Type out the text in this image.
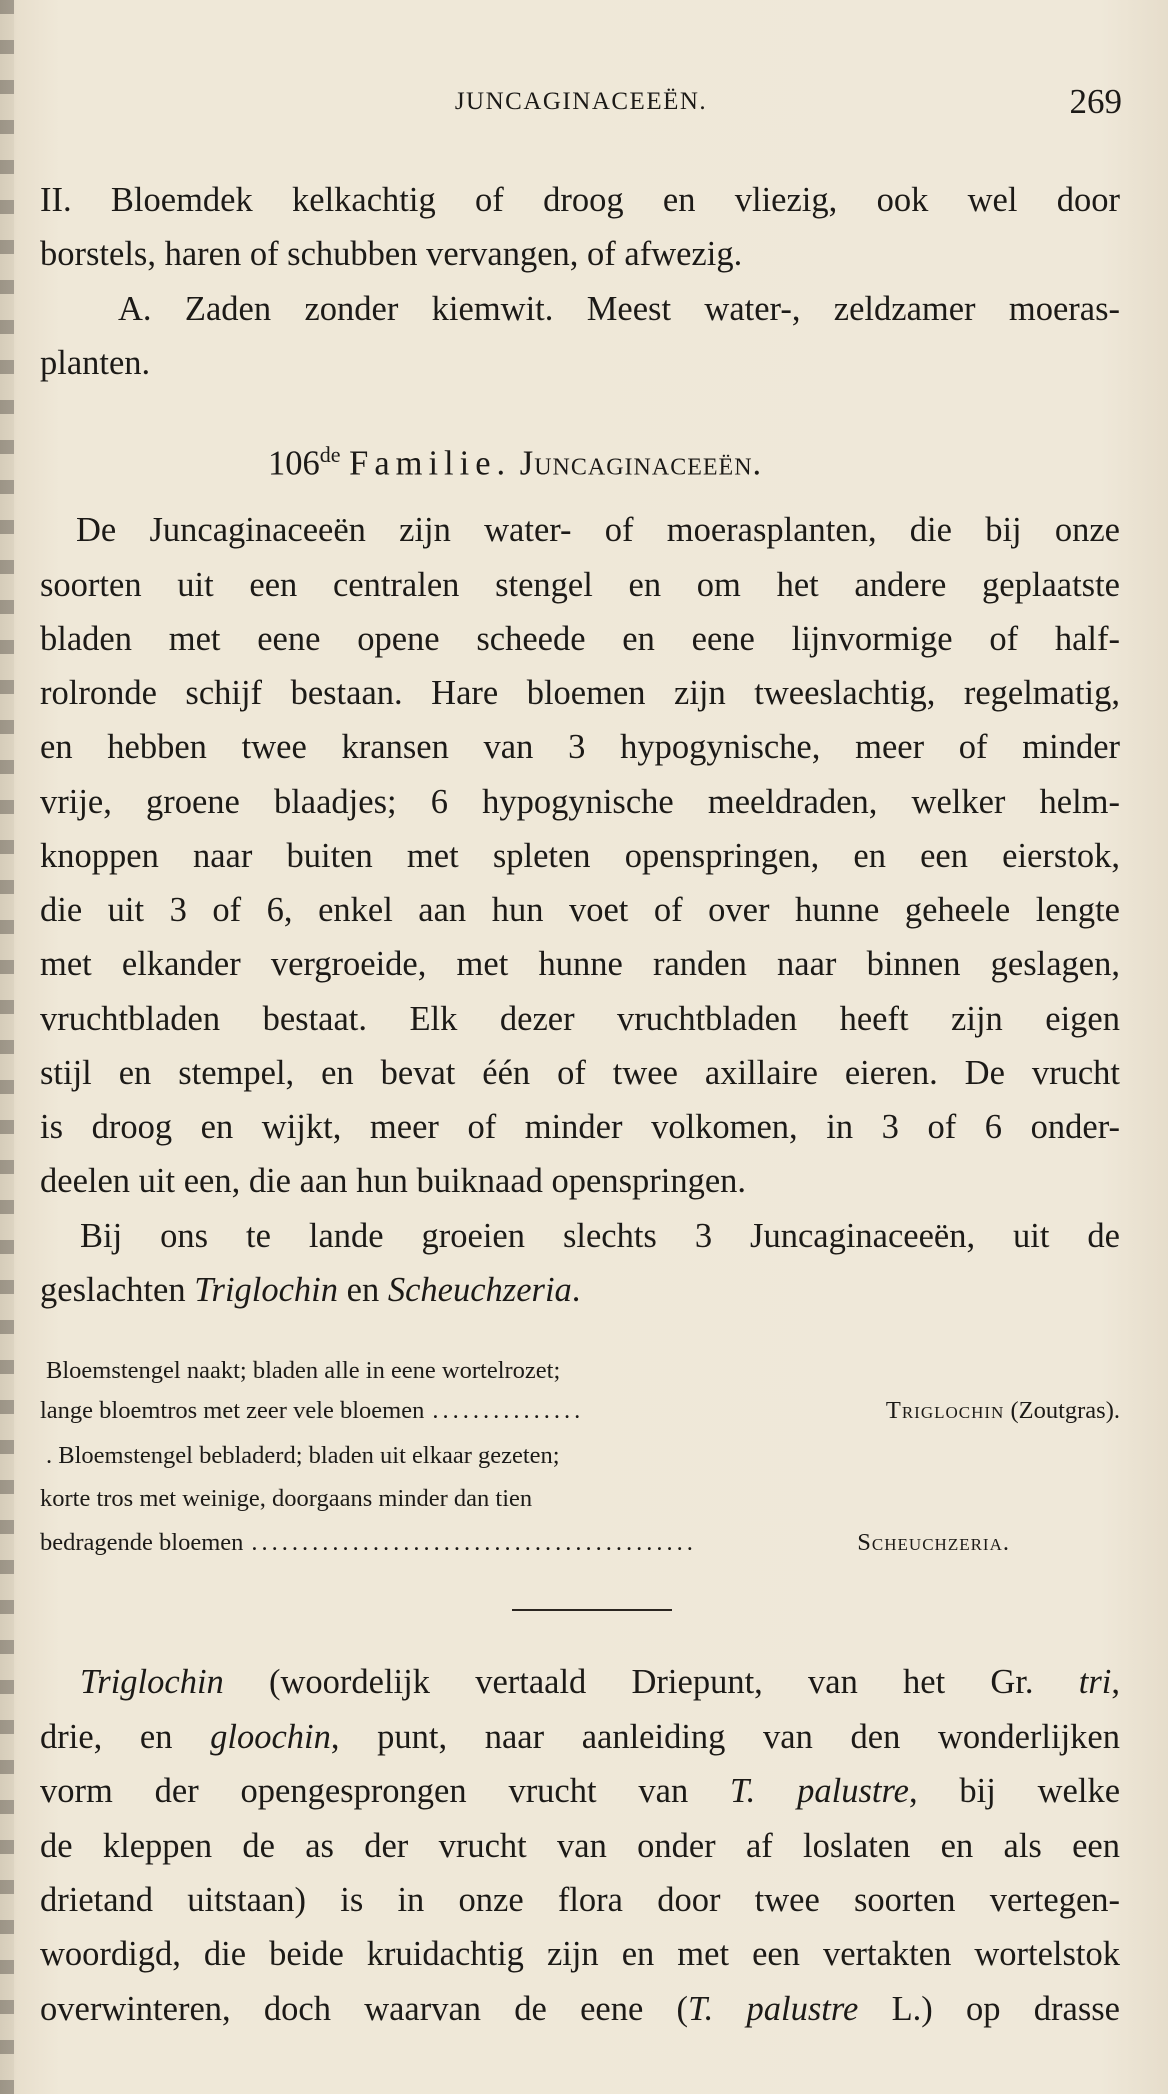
JUNCAGINACEEËN.	269
II. Bloemdek kelkachtig of droog en vliezig, ook wel door
borstels, haren of schubben vervangen, of afwezig.
A. Zaden zonder kiemwit. Meest water-, zeldzamer moeras-
planten.
106de Familie. Juncaginaceeën.
De Juncaginaceeën zijn water- of moerasplanten, die bij onze
soorten uit een centralen stengel en om het andere geplaatste
bladen met eene opene scheede en eene lijnvormige of half-
rolronde schijf bestaan. Hare bloemen zijn tweeslachtig, regelmatig,
en hebben twee kransen van 3 hypogynische, meer of minder
vrije, groene blaadjes; 6 hypogynische meeldraden, welker helm-
knoppen naar buiten met spleten openspringen, en een eierstok,
die uit 3 of 6, enkel aan hun voet of over hunne geheele lengte
met elkander vergroeide, met hunne randen naar binnen geslagen,
vruchtbladen bestaat. Elk dezer vruchtbladen heeft zijn eigen
stijl en stempel, en bevat één of twee axillaire eieren. De vrucht
is droog en wijkt, meer of minder volkomen, in 3 of 6 onder-
deelen uit een, die aan hun buiknaad openspringen.
Bij ons te lande groeien slechts 3 Juncaginaceeën, uit de
geslachten Triglochin en Scheuchzeria.
Bloemstengel naakt; bladen alle in eene wortelrozet;
lange bloemtros met zeer vele bloemen ...............	Triglochin
(Zoutgras).
. Bloemstengel bebladerd; bladen uit elkaar gezeten;
korte tros met weinige, doorgaans minder dan tien
bedragende bloemen ............................................	Scheuchzeria.
Triglochin (woordelijk vertaald Driepunt, van het Gr. tri,
drie, en gloochin, punt, naar aanleiding van den wonderlijken
vorm der opengesprongen vrucht van T. palustre, bij welke
de kleppen de as der vrucht van onder af loslaten en als een
drietand uitstaan) is in onze flora door twee soorten vertegen-
woordigd, die beide kruidachtig zijn en met een vertakten wortelstok
overwinteren, doch waarvan de eene (T. palustre L.) op drasse
